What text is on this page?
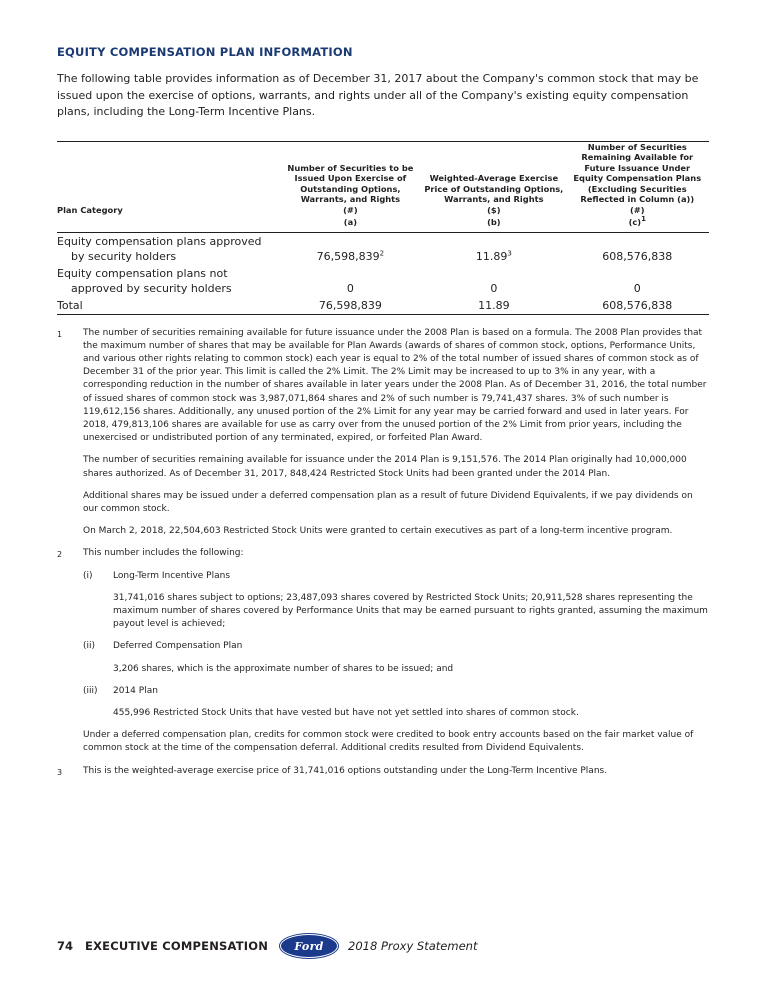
EQUITY COMPENSATION PLAN INFORMATION

The following table provides information as of December 31, 2017 about the Company's common stock that may be issued upon the exercise of options, warrants, and rights under all of the Company's existing equity compensation plans, including the Long-Term Incentive Plans.

Plan Category

Number of Securities to be
Issued Upon Exercise of
Outstanding Options,
Warrants, and Rights
(#)

Weighted-Average Exercise
Price of Outstanding Options,
Warrants, and Rights
($)

Number of Securities
Remaining Available for
Future Issuance Under
Equity Compensation Plans
(Excluding Securities
Reflected in Column (a))
(#)

	(a)	(b)	$(c)^1$

Equity compensation plans approved
by security holders	76,598,839$^2$	11.89$^3$	608,576,838
Equity compensation plans not
approved by security holders	0	0	0
Total	76,598,839	11.89	608,576,838
1	The number of securities remaining available for future issuance under the 2008 Plan is based on a formula. The 2008 Plan provides that the maximum number of shares that may be available for Plan Awards (awards of shares of common stock, options, Performance Units, and various other rights relating to common stock) each year is equal to 2% of the total number of issued shares of common stock as of December 31 of the prior year. This limit is called the 2% Limit. The 2% Limit may be increased to up to 3% in any year, with a corresponding reduction in the number of shares available in later years under the 2008 Plan. As of December 31, 2016, the total number of issued shares of common stock was 3,987,071,864 shares and 2% of such number is 79,741,437 shares. 3% of such number is 119,612,156 shares. Additionally, any unused portion of the 2% Limit for any year may be carried forward and used in later years. For 2018, 479,813,106 shares are available for use as carry over from the unused portion of the 2% Limit from prior years, including the unexercised or undistributed portion of any terminated, expired, or forfeited Plan Award.

The number of securities remaining available for issuance under the 2014 Plan is 9,151,576. The 2014 Plan originally had 10,000,000 shares authorized. As of December 31, 2017, 848,424 Restricted Stock Units had been granted under the 2014 Plan.

Additional shares may be issued under a deferred compensation plan as a result of future Dividend Equivalents, if we pay dividends on our common stock.

On March 2, 2018, 22,504,603 Restricted Stock Units were granted to certain executives as part of a long-term incentive program.

2	This number includes the following:

(i)	Long-Term Incentive Plans
31,741,016 shares subject to options; 23,487,093 shares covered by Restricted Stock Units; 20,911,528 shares representing the maximum number of shares covered by Performance Units that may be earned pursuant to rights granted, assuming the maximum payout level is achieved;
(ii)	Deferred Compensation Plan
3,206 shares, which is the approximate number of shares to be issued; and
(iii)	2014 Plan
455,996 Restricted Stock Units that have vested but have not yet settled into shares of common stock.
Under a deferred compensation plan, credits for common stock were credited to book entry accounts based on the fair market value of common stock at the time of the compensation deferral. Additional credits resulted from Dividend Equivalents.
3	This is the weighted-average exercise price of 31,741,016 options outstanding under the Long-Term Incentive Plans.

74 EXECUTIVE COMPENSATION Ford 2018 Proxy Statement
